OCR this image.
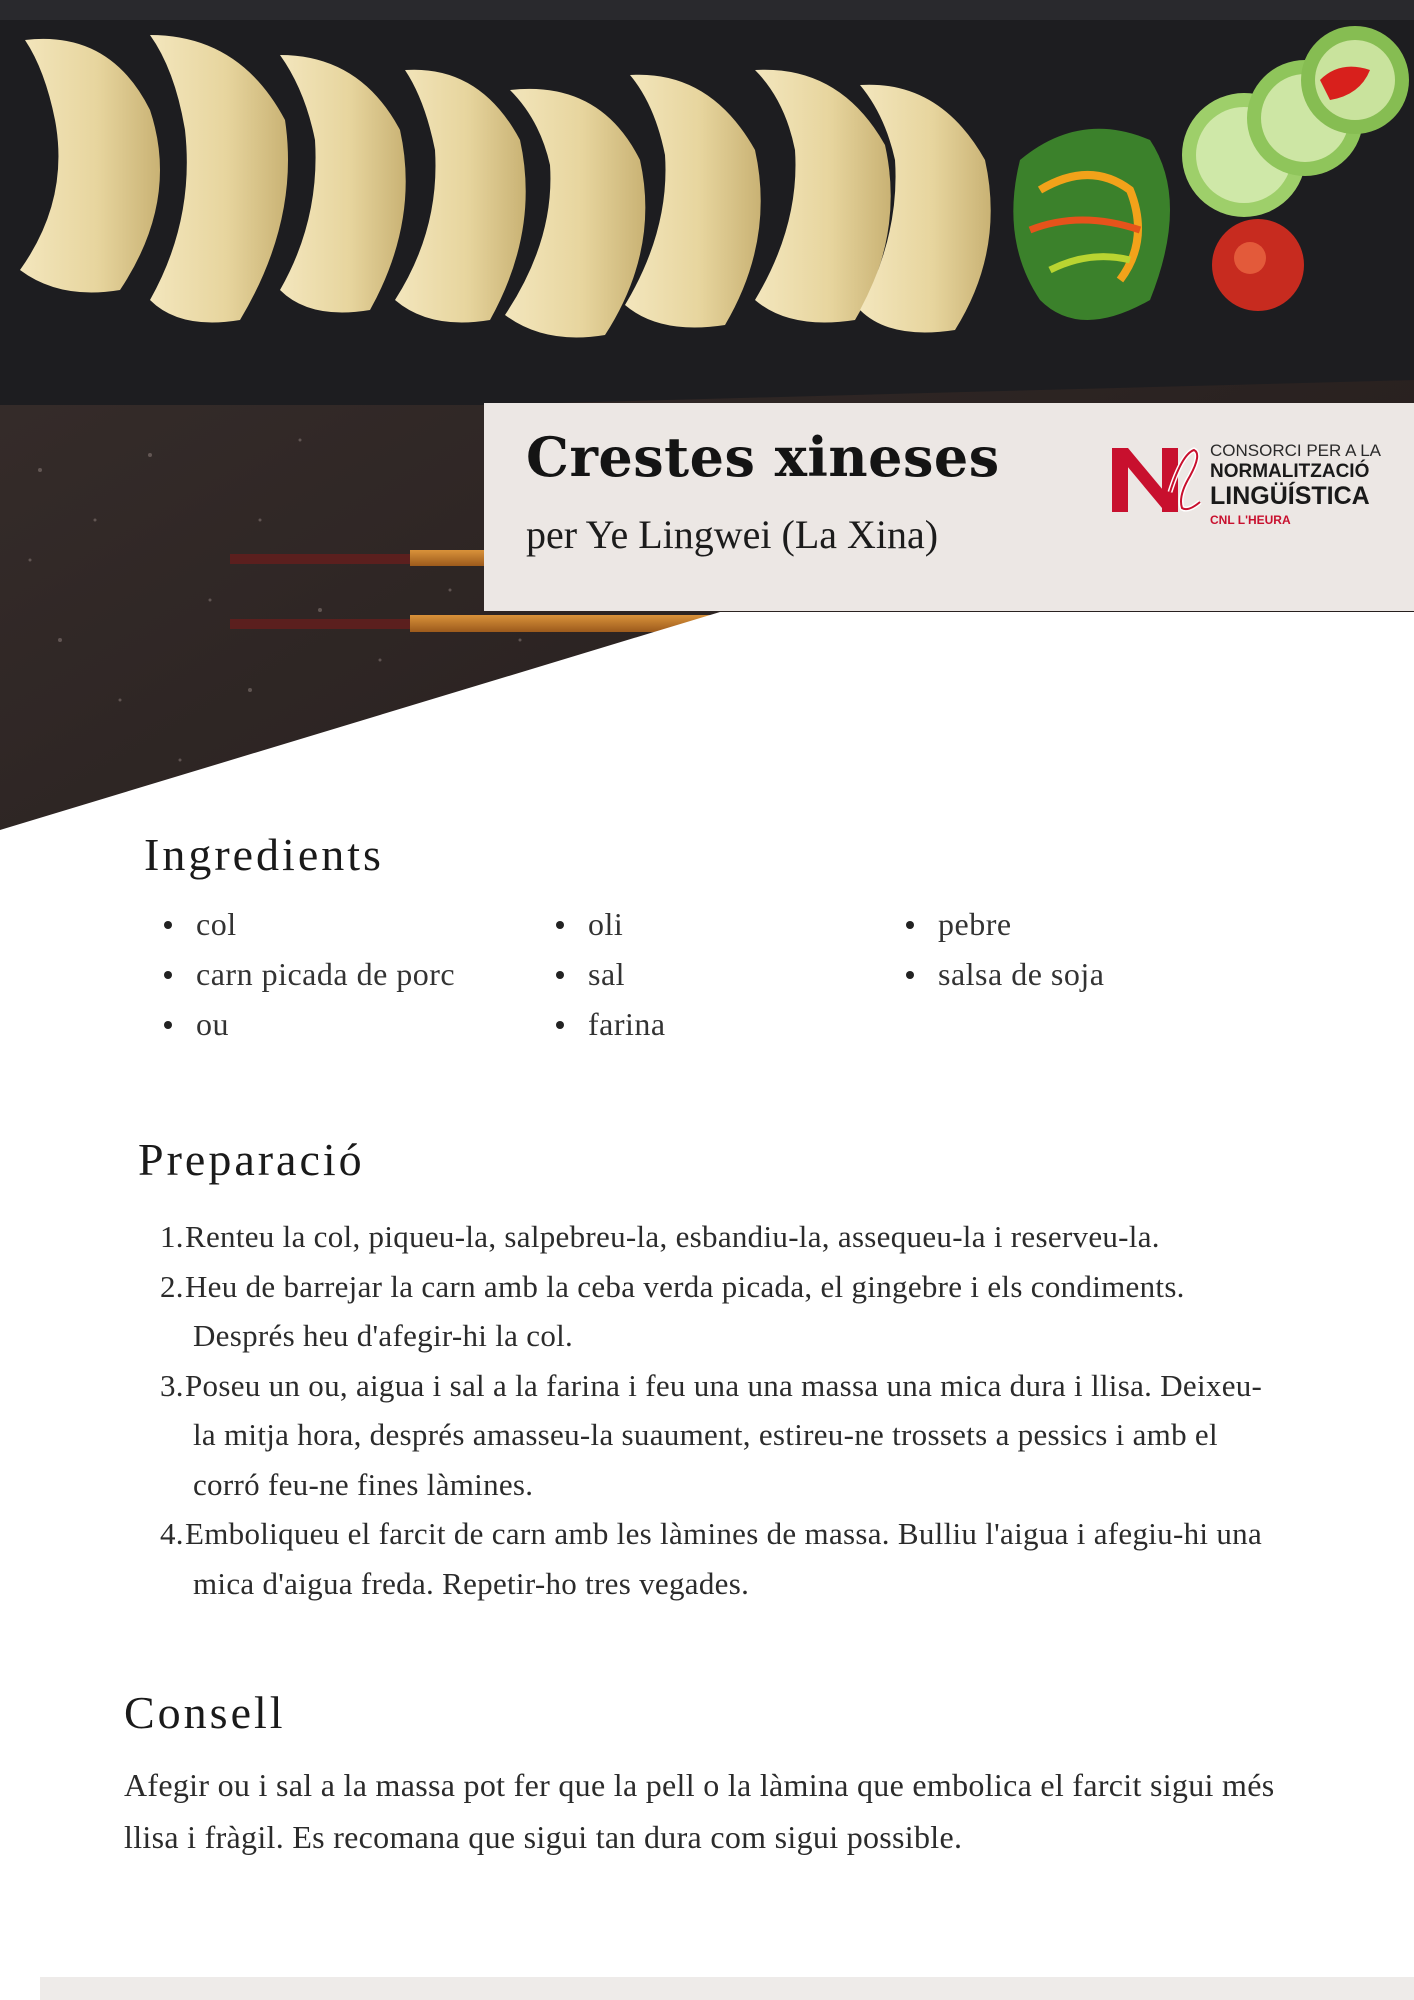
Crestes xineses
per Ye Lingwei (La Xina)
CONSORCI PER A LA
NORMALITZACIÓ
LINGÜÍSTICA
CNL L'HEURA
Ingredients
col
carn picada de porc
ou
oli
sal
farina
pebre
salsa de soja
Preparació
1. Renteu la col, piqueu-la, salpebreu-la, esbandiu-la, assequeu-la i reserveu-la.
2. Heu de barrejar la carn amb la ceba verda picada, el gingebre i els condiments. Després heu d'afegir-hi la col.
3. Poseu un ou, aigua i sal a la farina i feu una una massa una mica dura i llisa. Deixeu-la mitja hora, després amasseu-la suaument, estireu-ne trossets a pessics i amb el corró feu-ne fines làmines.
4. Emboliqueu el farcit de carn amb les làmines de massa. Bulliu l'aigua i afegiu-hi una mica d'aigua freda. Repetir-ho tres vegades.
Consell

Afegir ou i sal a la massa pot fer que la pell o la làmina que embolica el farcit sigui més llisa i fràgil. Es recomana que sigui tan dura com sigui possible.
